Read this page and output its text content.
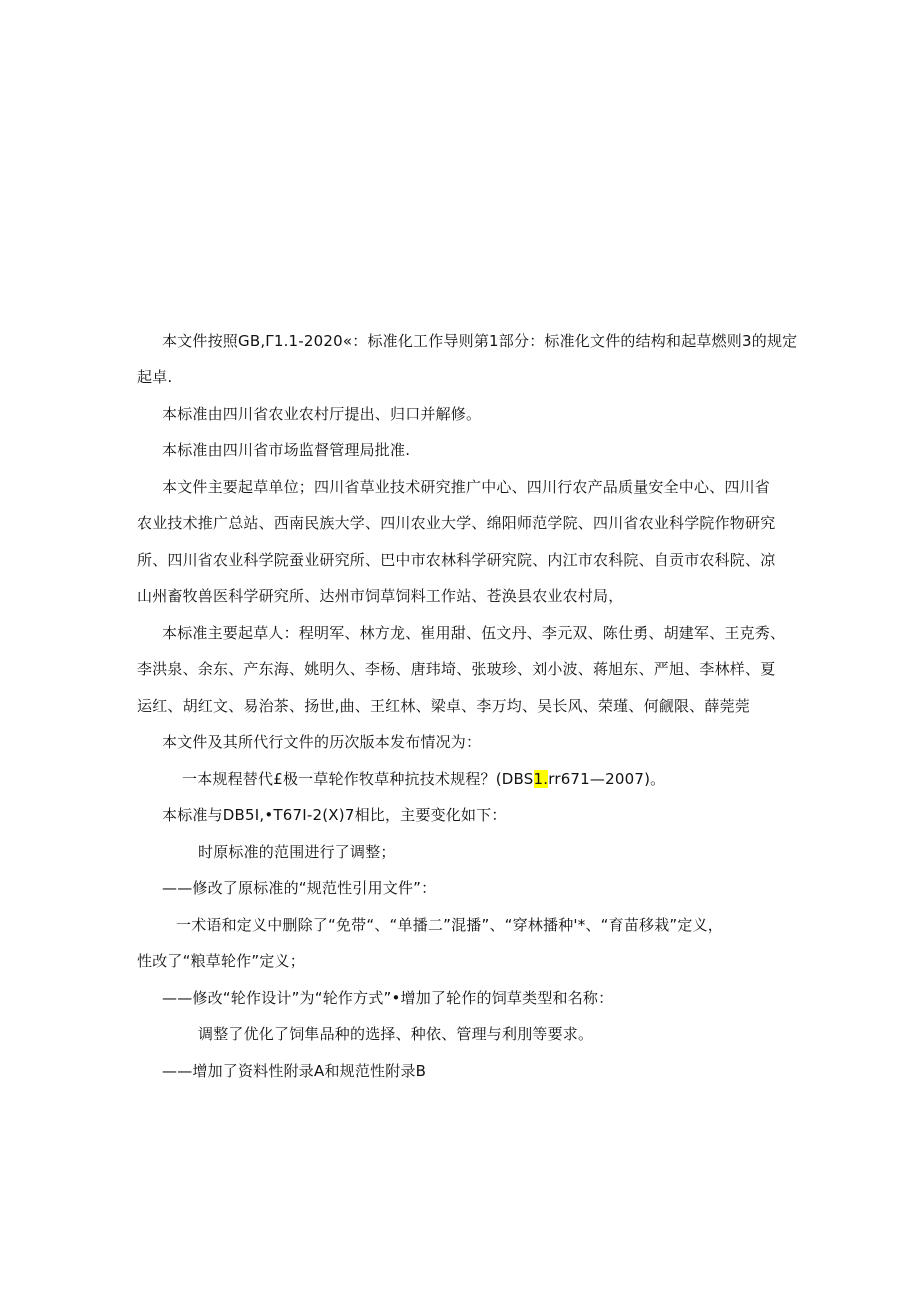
本文件按照GB,Γ1.1-2020«：标准化工作导则第1部分：标准化文件的结构和起草燃则3的规定
起卓.
本标准由四川省农业农村厅提出、归口并解修。
本标准由四川省市场监督管理局批准.
本文件主要起草单位；四川省草业技术研究推广中心、四川行农产品质量安全中心、四川省
农业技术推广总站、西南民族大学、四川农业大学、绵阳师范学院、四川省农业科学院作物研究
所、四川省农业科学院蚕业研究所、巴中市农林科学研究院、内江市农科院、自贡市农科院、凉
山州畜牧兽医科学研究所、达州市饲草饲料工作站、苍涣县农业农村局，
本标准主要起草人：程明军、林方龙、崔用甜、伍文丹、李元双、陈仕勇、胡建军、王克秀、
李洪泉、余东、产东海、姚明久、李杨、唐玮埼、张玻珍、刘小波、蒋旭东、严旭、李林样、夏
运红、胡红文、易治茶、扬世,曲、王红林、梁卓、李万均、吴长风、荣瑾、何觎限、薛莞莞
本文件及其所代行文件的历次版本发布情况为：
一本规程替代£极一草轮作牧草种抗技术规程？(DBS1.rr671—2007)。
本标准与DB5I,•T67I-2(X)7相比，主要变化如下：
时原标准的范围进行了调整；
——修改了原标准的“规范性引用文件”：
一术语和定义中删除了“免带“、“单播二”混播”、“穿林播种'*、“育苗移栽”定义，
性改了“粮草轮作”定义；
——修改“轮作设计”为“轮作方式”•增加了轮作的饲草类型和名称：
调整了优化了饲隼品种的选择、种依、管理与利刖等要求。
——增加了资料性附录A和规范性附录B
